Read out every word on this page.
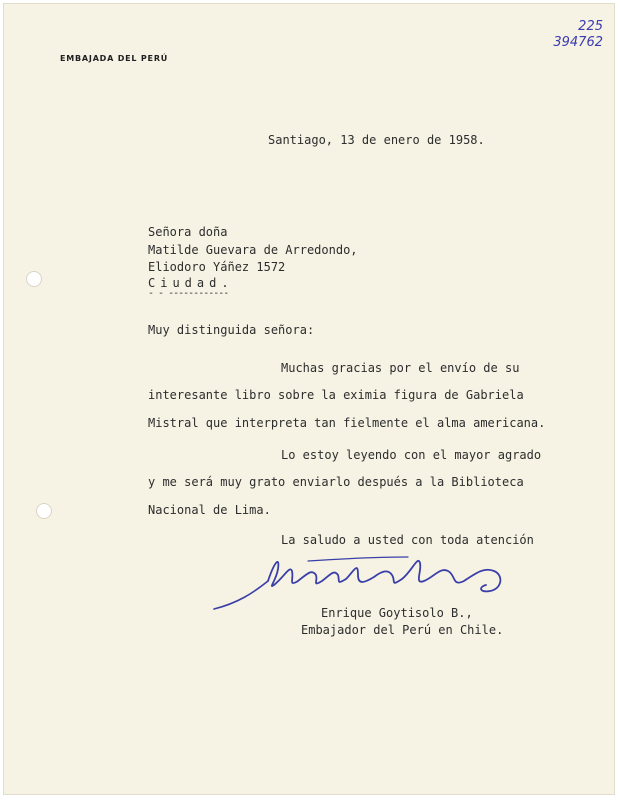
EMBAJADA DEL PERÚ
225
394762
Santiago, 13 de enero de 1958.
Señora doña
Matilde Guevara de Arredondo,
Eliodoro Yáñez 1572
Ciudad.
- - ------------
Muy distinguida señora:
Muchas gracias por el envío de su
interesante libro sobre la eximia figura de Gabriela
Mistral que interpreta tan fielmente el alma americana.
Lo estoy leyendo con el mayor agrado
y me será muy grato enviarlo después a la Biblioteca
Nacional de Lima.
La saludo a usted con toda atención
Enrique Goytisolo B.,
Embajador del Perú en Chile.
